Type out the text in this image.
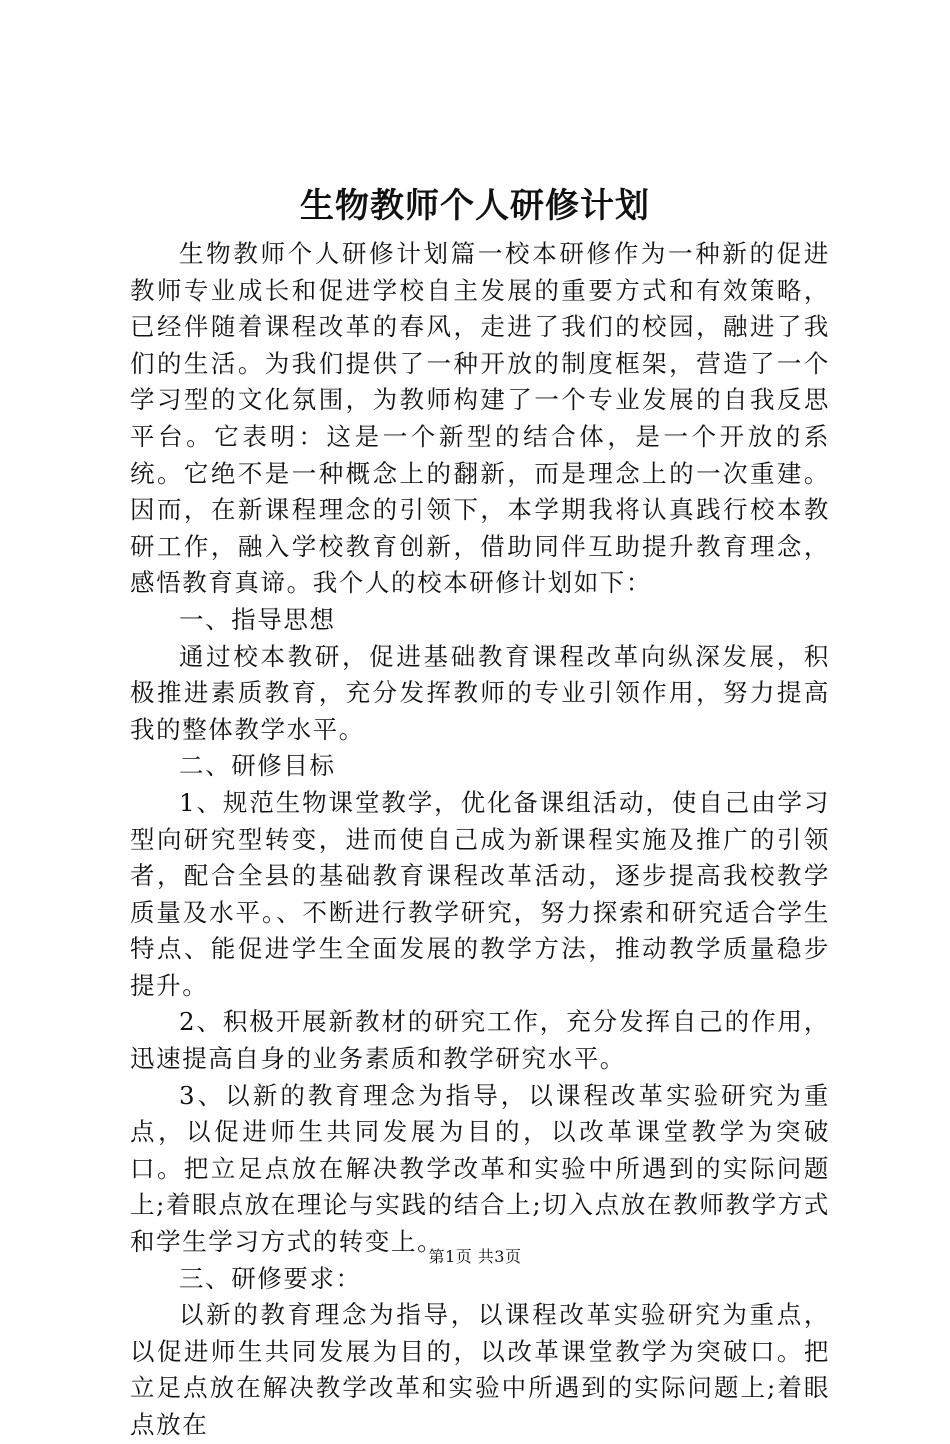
生物教师个人研修计划

生物教师个人研修计划篇一校本研修作为一种新的促进教师专业成长和促进学校自主发展的重要方式和有效策略，已经伴随着课程改革的春风，走进了我们的校园，融进了我们的生活。为我们提供了一种开放的制度框架，营造了一个学习型的文化氛围，为教师构建了一个专业发展的自我反思平台。它表明：这是一个新型的结合体，是一个开放的系统。它绝不是一种概念上的翻新，而是理念上的一次重建。因而，在新课程理念的引领下，本学期我将认真践行校本教研工作，融入学校教育创新，借助同伴互助提升教育理念，感悟教育真谛。我个人的校本研修计划如下：

一、指导思想

通过校本教研，促进基础教育课程改革向纵深发展，积极推进素质教育，充分发挥教师的专业引领作用，努力提高我的整体教学水平。

二、研修目标

1、规范生物课堂教学，优化备课组活动，使自己由学习型向研究型转变，进而使自己成为新课程实施及推广的引领者，配合全县的基础教育课程改革活动，逐步提高我校教学质量及水平。、不断进行教学研究，努力探索和研究适合学生特点、能促进学生全面发展的教学方法，推动教学质量稳步提升。

2、积极开展新教材的研究工作，充分发挥自己的作用，迅速提高自身的业务素质和教学研究水平。

3、以新的教育理念为指导，以课程改革实验研究为重点，以促进师生共同发展为目的，以改革课堂教学为突破口。把立足点放在解决教学改革和实验中所遇到的实际问题上;着眼点放在理论与实践的结合上;切入点放在教师教学方式和学生学习方式的转变上。

三、研修要求：

以新的教育理念为指导，以课程改革实验研究为重点，以促进师生共同发展为目的，以改革课堂教学为突破口。把立足点放在解决教学改革和实验中所遇到的实际问题上;着眼点放在

第1页 共3页
